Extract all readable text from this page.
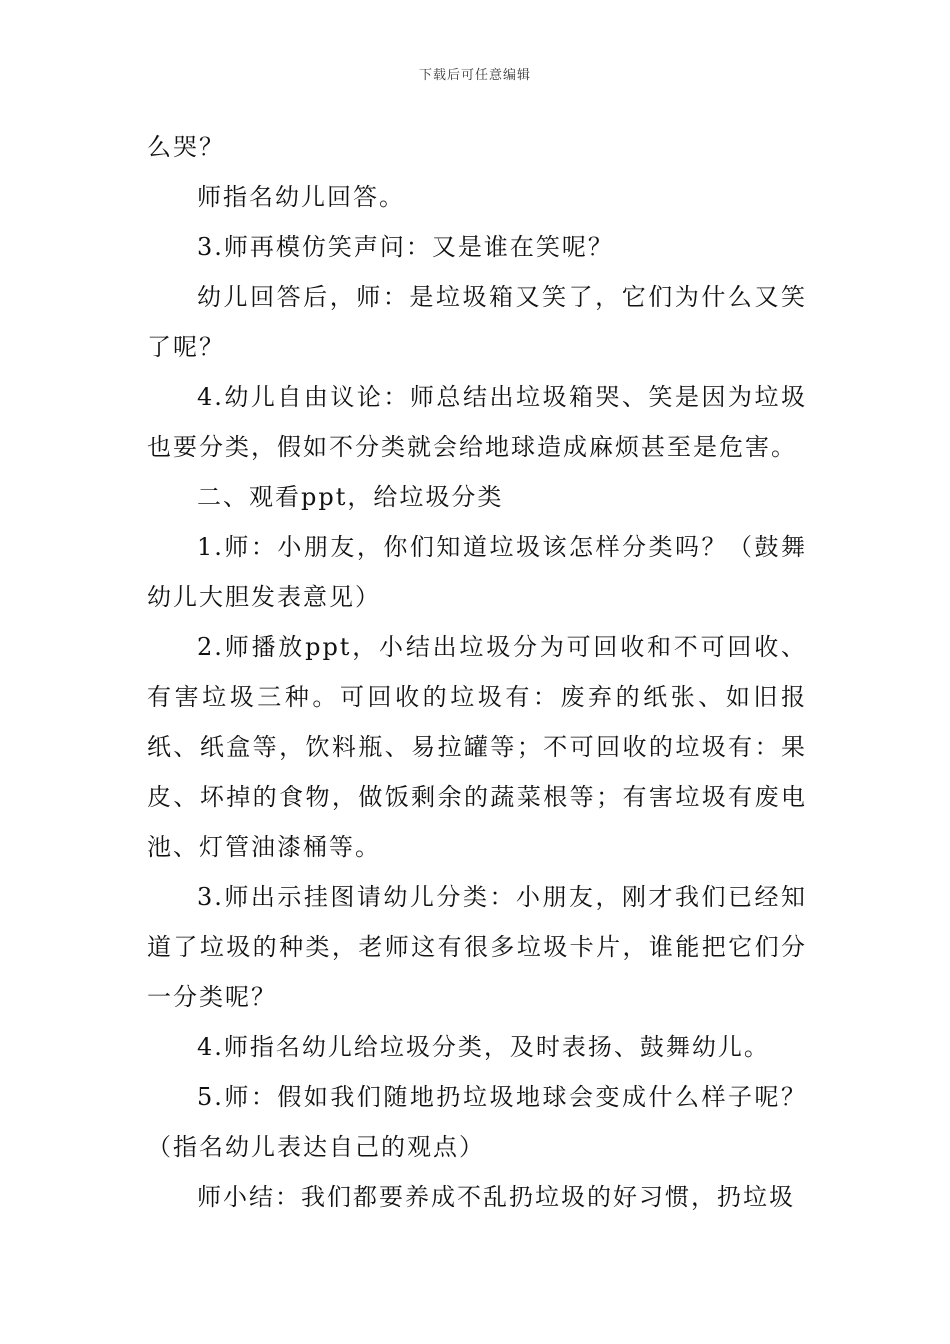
下载后可任意编辑

么哭？

师指名幼儿回答。

3.师再模仿笑声问：又是谁在笑呢？

幼儿回答后，师：是垃圾箱又笑了，它们为什么又笑了呢？

4.幼儿自由议论：师总结出垃圾箱哭、笑是因为垃圾也要分类，假如不分类就会给地球造成麻烦甚至是危害。

二、观看ppt，给垃圾分类

1.师：小朋友，你们知道垃圾该怎样分类吗？（鼓舞幼儿大胆发表意见）

2.师播放ppt，小结出垃圾分为可回收和不可回收、有害垃圾三种。可回收的垃圾有：废弃的纸张、如旧报纸、纸盒等，饮料瓶、易拉罐等；不可回收的垃圾有：果皮、坏掉的食物，做饭剩余的蔬菜根等；有害垃圾有废电池、灯管油漆桶等。

3.师出示挂图请幼儿分类：小朋友，刚才我们已经知道了垃圾的种类，老师这有很多垃圾卡片，谁能把它们分一分类呢？

4.师指名幼儿给垃圾分类，及时表扬、鼓舞幼儿。

5.师：假如我们随地扔垃圾地球会变成什么样子呢？（指名幼儿表达自己的观点）

师小结：我们都要养成不乱扔垃圾的好习惯，扔垃圾
